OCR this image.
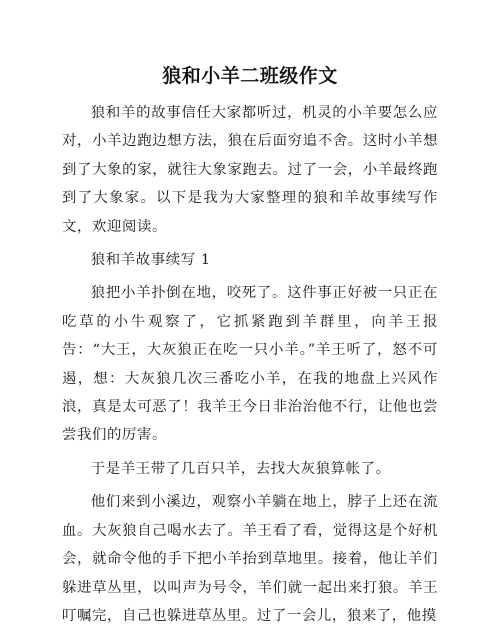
狼和小羊二班级作文

狼和羊的故事信任大家都听过，机灵的小羊要怎么应对，小羊边跑边想方法，狼在后面穷追不舍。这时小羊想到了大象的家，就往大象家跑去。过了一会，小羊最终跑到了大象家。以下是我为大家整理的狼和羊故事续写作文，欢迎阅读。

狼和羊故事续写 1

狼把小羊扑倒在地，咬死了。这件事正好被一只正在吃草的小牛观察了，它抓紧跑到羊群里，向羊王报告：“大王，大灰狼正在吃一只小羊。”羊王听了，怒不可遏，想：大灰狼几次三番吃小羊，在我的地盘上兴风作浪，真是太可恶了！我羊王今日非治治他不行，让他也尝尝我们的厉害。

于是羊王带了几百只羊，去找大灰狼算帐了。

他们来到小溪边，观察小羊躺在地上，脖子上还在流血。大灰狼自己喝水去了。羊王看了看，觉得这是个好机会，就命令他的手下把小羊抬到草地里。接着，他让羊们躲进草丛里，以叫声为号令，羊们就一起出来打狼。羊王叮嘱完，自己也躲进草丛里。过了一会儿，狼来了，他摸
